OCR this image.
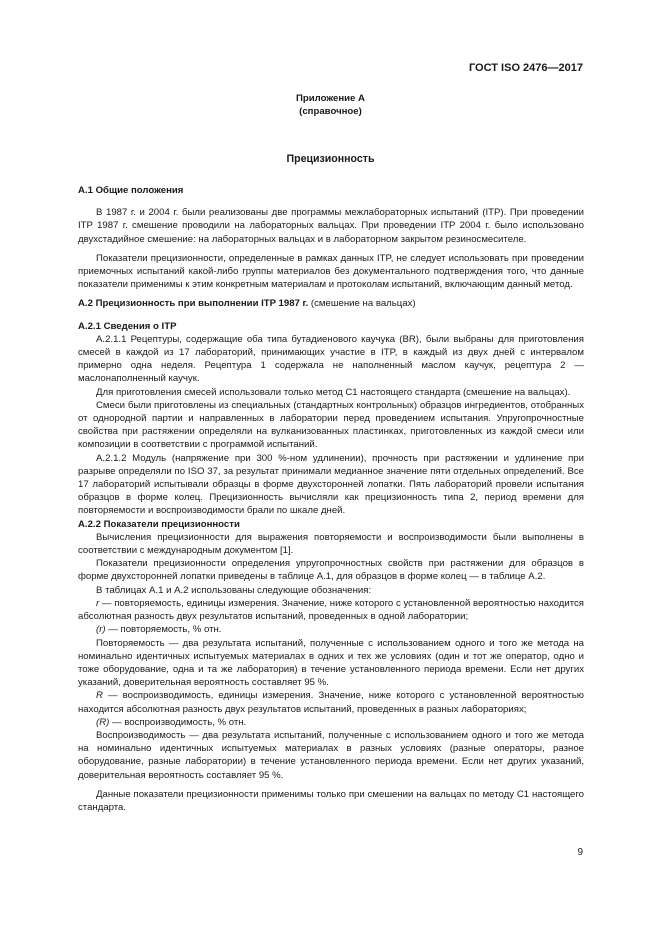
ГОСТ ISO 2476—2017
Приложение А
(справочное)
Прецизионность
А.1 Общие положения

В 1987 г. и 2004 г. были реализованы две программы межлабораторных испытаний (ITP). При проведении ITP 1987 г. смешение проводили на лабораторных вальцах. При проведении ITP 2004 г. было использовано двухстадийное смешение: на лабораторных вальцах и в лабораторном закрытом резиносмесителе.

Показатели прецизионности, определенные в рамках данных ITP, не следует использовать при проведении приемочных испытаний какой-либо группы материалов без документального подтверждения того, что данные показатели применимы к этим конкретным материалам и протоколам испытаний, включающим данный метод.

А.2 Прецизионность при выполнении ITP 1987 г. (смешение на вальцах)
А.2.1 Сведения о ITP

А.2.1.1 Рецептуры, содержащие оба типа бутадиенового каучука (BR), были выбраны для приготовления смесей в каждой из 17 лабораторий, принимающих участие в ITP, в каждый из двух дней с интервалом примерно одна неделя. Рецептура 1 содержала не наполненный маслом каучук, рецептура 2 — маслонаполненный каучук.

Для приготовления смесей использовали только метод С1 настоящего стандарта (смешение на вальцах).

Смеси были приготовлены из специальных (стандартных контрольных) образцов ингредиентов, отобранных от однородной партии и направленных в лаборатории перед проведением испытания. Упругопрочностные свойства при растяжении определяли на вулканизованных пластинках, приготовленных из каждой смеси или композиции в соответствии с программой испытаний.

А.2.1.2 Модуль (напряжение при 300 %-ном удлинении), прочность при растяжении и удлинение при разрыве определяли по ISO 37, за результат принимали медианное значение пяти отдельных определений. Все 17 лабораторий испытывали образцы в форме двухсторонней лопатки. Пять лабораторий провели испытания образцов в форме колец. Прецизионность вычисляли как прецизионность типа 2, период времени для повторяемости и воспроизводимости брали по шкале дней.

А.2.2 Показатели прецизионности

Вычисления прецизионности для выражения повторяемости и воспроизводимости были выполнены в соответствии с международным документом [1].

Показатели прецизионности определения упругопрочностных свойств при растяжении для образцов в форме двухсторонней лопатки приведены в таблице А.1, для образцов в форме колец — в таблице А.2.

В таблицах А.1 и А.2 использованы следующие обозначения:

r — повторяемость, единицы измерения. Значение, ниже которого с установленной вероятностью находится абсолютная разность двух результатов испытаний, проведенных в одной лаборатории;

(r) — повторяемость, % отн.

Повторяемость — два результата испытаний, полученные с использованием одного и того же метода на номинально идентичных испытуемых материалах в одних и тех же условиях (один и тот же оператор, одно и тоже оборудование, одна и та же лаборатория) в течение установленного периода времени. Если нет других указаний, доверительная вероятность составляет 95 %.

R — воспроизводимость, единицы измерения. Значение, ниже которого с установленной вероятностью находится абсолютная разность двух результатов испытаний, проведенных в разных лабораториях;

(R) — воспроизводимость, % отн.

Воспроизводимость — два результата испытаний, полученные с использованием одного и того же метода на номинально идентичных испытуемых материалах в разных условиях (разные операторы, разное оборудование, разные лаборатории) в течение установленного периода времени. Если нет других указаний, доверительная вероятность составляет 95 %.

Данные показатели прецизионности применимы только при смешении на вальцах по методу С1 настоящего стандарта.

9
